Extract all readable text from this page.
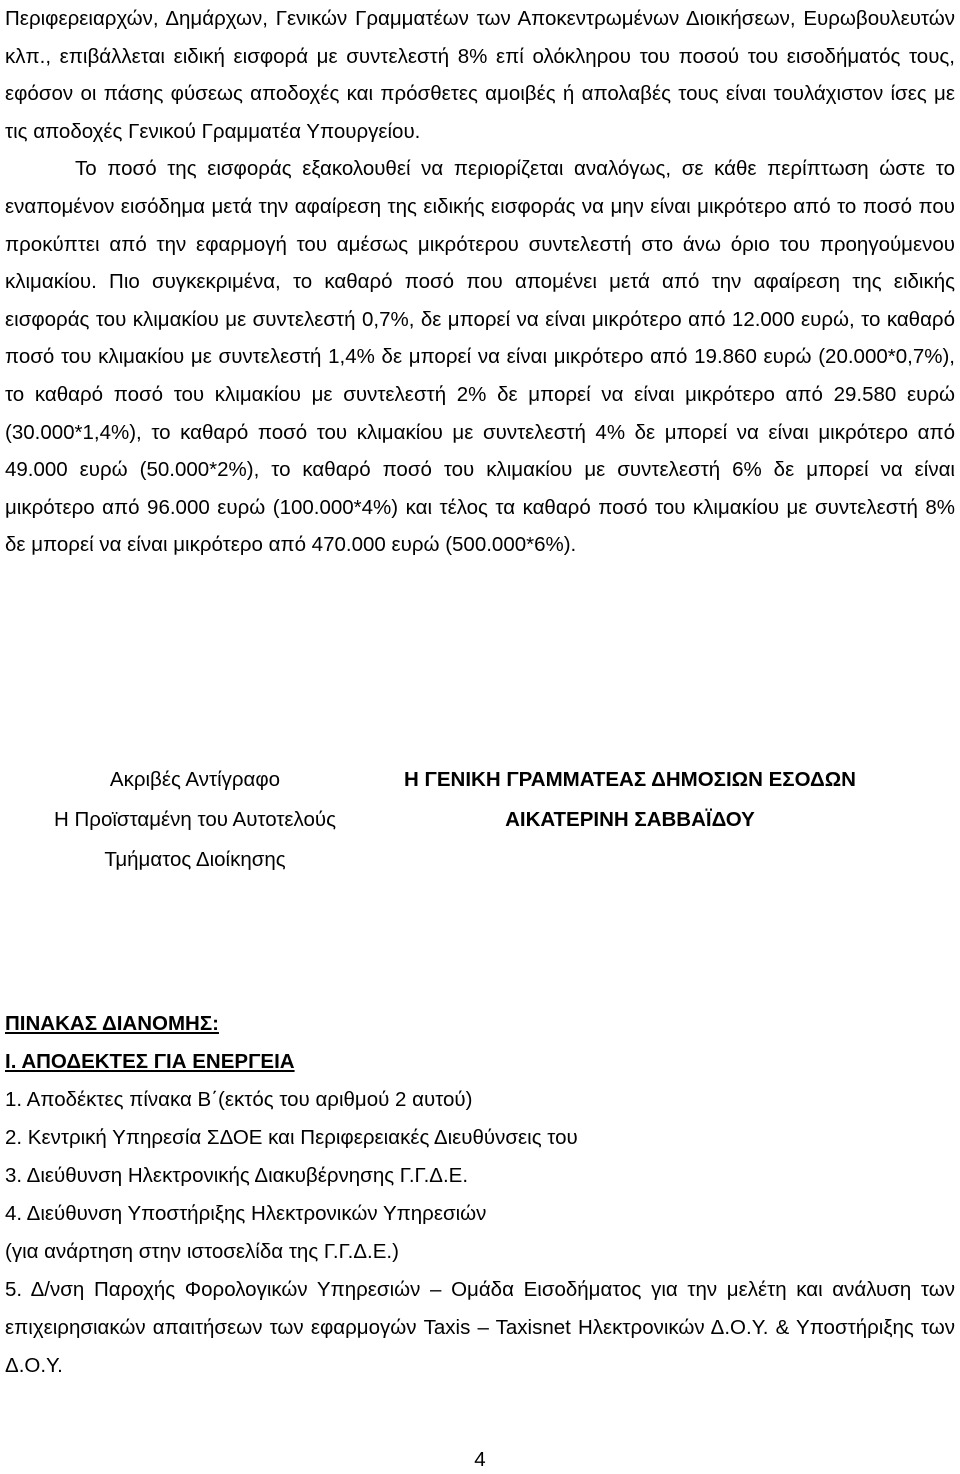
Περιφερειαρχών, Δημάρχων, Γενικών Γραμματέων των Αποκεντρωμένων Διοικήσεων, Ευρωβουλευτών κλπ., επιβάλλεται ειδική εισφορά με συντελεστή 8% επί ολόκληρου του ποσού του εισοδήματός τους, εφόσον οι πάσης φύσεως αποδοχές και πρόσθετες αμοιβές ή απολαβές τους είναι τουλάχιστον ίσες με τις αποδοχές Γενικού Γραμματέα Υπουργείου.

Το ποσό της εισφοράς εξακολουθεί να περιορίζεται αναλόγως, σε κάθε περίπτωση ώστε το εναπομένον εισόδημα μετά την αφαίρεση της ειδικής εισφοράς να μην είναι μικρότερο από το ποσό που προκύπτει από την εφαρμογή του αμέσως μικρότερου συντελεστή στο άνω όριο του προηγούμενου κλιμακίου. Πιο συγκεκριμένα, το καθαρό ποσό που απομένει μετά από την αφαίρεση της ειδικής εισφοράς του κλιμακίου με συντελεστή 0,7%, δε μπορεί να είναι μικρότερο από 12.000 ευρώ, το καθαρό ποσό του κλιμακίου με συντελεστή 1,4% δε μπορεί να είναι μικρότερο από 19.860 ευρώ (20.000*0,7%), το καθαρό ποσό του κλιμακίου με συντελεστή 2% δε μπορεί να είναι μικρότερο από 29.580 ευρώ (30.000*1,4%), το καθαρό ποσό του κλιμακίου με συντελεστή 4% δε μπορεί να είναι μικρότερο από 49.000 ευρώ (50.000*2%), το καθαρό ποσό του κλιμακίου με συντελεστή 6% δε μπορεί να είναι μικρότερο από 96.000 ευρώ (100.000*4%) και τέλος τα καθαρό ποσό του κλιμακίου με συντελεστή 8% δε μπορεί να είναι μικρότερο από 470.000 ευρώ (500.000*6%).

Ακριβές Αντίγραφο
Η Προϊσταμένη του Αυτοτελούς
Τμήματος Διοίκησης
Η ΓΕΝΙΚΗ ΓΡΑΜΜΑΤΕΑΣ ΔΗΜΟΣΙΩΝ ΕΣΟΔΩΝ
ΑΙΚΑΤΕΡΙΝΗ ΣΑΒΒΑΪΔΟΥ

ΠΙΝΑΚΑΣ ΔΙΑΝΟΜΗΣ:

Ι. ΑΠΟΔΕΚΤΕΣ ΓΙΑ ΕΝΕΡΓΕΙΑ

1. Αποδέκτες πίνακα Β΄(εκτός του αριθμού 2 αυτού)

2. Κεντρική Υπηρεσία ΣΔΟΕ και Περιφερειακές Διευθύνσεις του

3. Διεύθυνση Ηλεκτρονικής Διακυβέρνησης Γ.Γ.Δ.Ε.

4. Διεύθυνση Υποστήριξης Ηλεκτρονικών Υπηρεσιών

(για ανάρτηση στην ιστοσελίδα της Γ.Γ.Δ.Ε.)

5. Δ/νση Παροχής Φορολογικών Υπηρεσιών – Ομάδα Εισοδήματος για την μελέτη και ανάλυση των επιχειρησιακών απαιτήσεων των εφαρμογών Taxis – Taxisnet Ηλεκτρονικών Δ.Ο.Υ. & Υποστήριξης των Δ.Ο.Υ.

4
